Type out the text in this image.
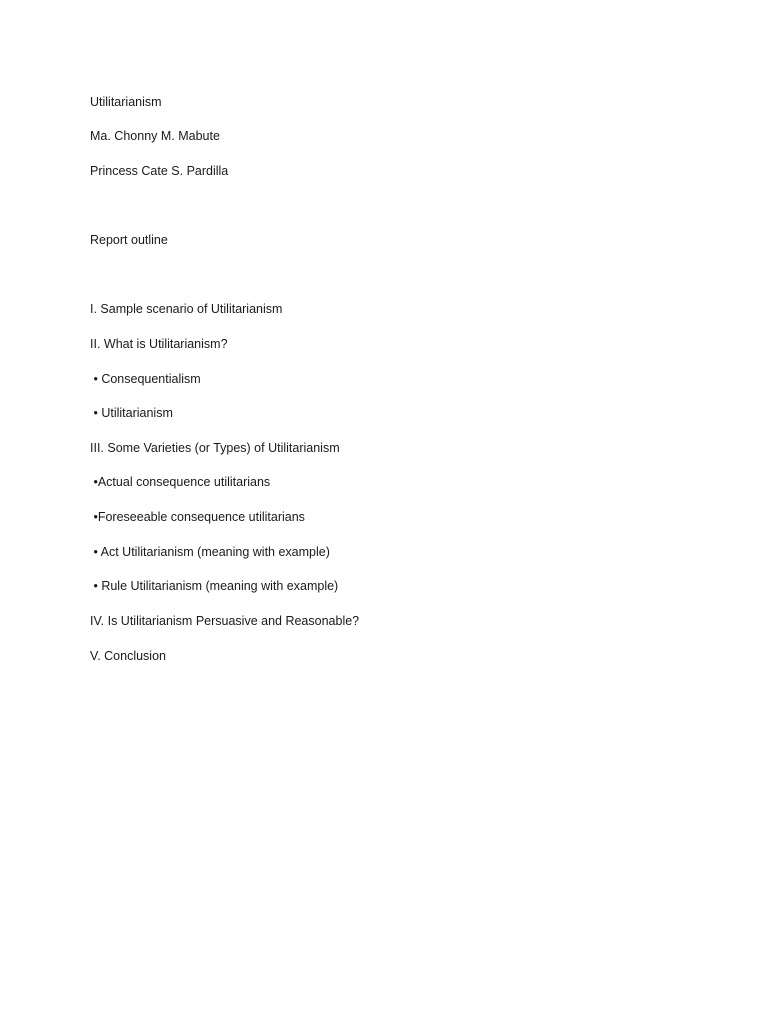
Utilitarianism
Ma. Chonny M. Mabute
Princess Cate S. Pardilla
Report outline
I. Sample scenario of Utilitarianism
II. What is Utilitarianism?
• Consequentialism
• Utilitarianism
III. Some Varieties (or Types) of Utilitarianism
•Actual consequence utilitarians
•Foreseeable consequence utilitarians
• Act Utilitarianism (meaning with example)
• Rule Utilitarianism (meaning with example)
IV. Is Utilitarianism Persuasive and Reasonable?
V. Conclusion
